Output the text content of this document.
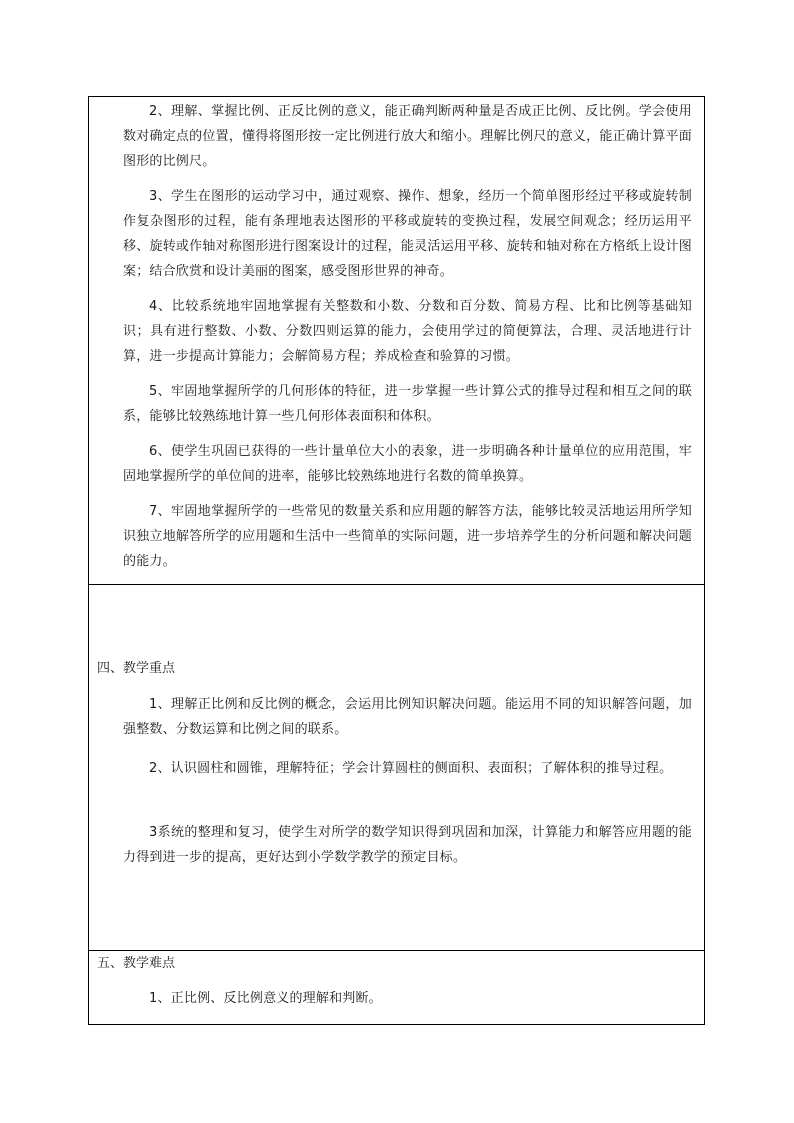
2、理解、掌握比例、正反比例的意义，能正确判断两种量是否成正比例、反比例。学会使用数对确定点的位置，懂得将图形按一定比例进行放大和缩小。理解比例尺的意义，能正确计算平面图形的比例尺。

3、学生在图形的运动学习中，通过观察、操作、想象，经历一个简单图形经过平移或旋转制作复杂图形的过程，能有条理地表达图形的平移或旋转的变换过程，发展空间观念；经历运用平移、旋转或作轴对称图形进行图案设计的过程，能灵活运用平移、旋转和轴对称在方格纸上设计图案；结合欣赏和设计美丽的图案，感受图形世界的神奇。

4、比较系统地牢固地掌握有关整数和小数、分数和百分数、简易方程、比和比例等基础知识；具有进行整数、小数、分数四则运算的能力，会使用学过的简便算法，合理、灵活地进行计算，进一步提高计算能力；会解简易方程；养成检查和验算的习惯。

5、牢固地掌握所学的几何形体的特征，进一步掌握一些计算公式的推导过程和相互之间的联系，能够比较熟练地计算一些几何形体表面积和体积。

6、使学生巩固已获得的一些计量单位大小的表象，进一步明确各种计量单位的应用范围，牢固地掌握所学的单位间的进率，能够比较熟练地进行名数的简单换算。

7、牢固地掌握所学的一些常见的数量关系和应用题的解答方法，能够比较灵活地运用所学知识独立地解答所学的应用题和生活中一些简单的实际问题，进一步培养学生的分析问题和解决问题的能力。

四、教学重点

1、理解正比例和反比例的概念，会运用比例知识解决问题。能运用不同的知识解答问题，加强整数、分数运算和比例之间的联系。

2、认识圆柱和圆锥，理解特征；学会计算圆柱的侧面积、表面积；了解体积的推导过程。

3系统的整理和复习，使学生对所学的数学知识得到巩固和加深，计算能力和解答应用题的能力得到进一步的提高，更好达到小学数学教学的预定目标。

五、教学难点

1、正比例、反比例意义的理解和判断。
